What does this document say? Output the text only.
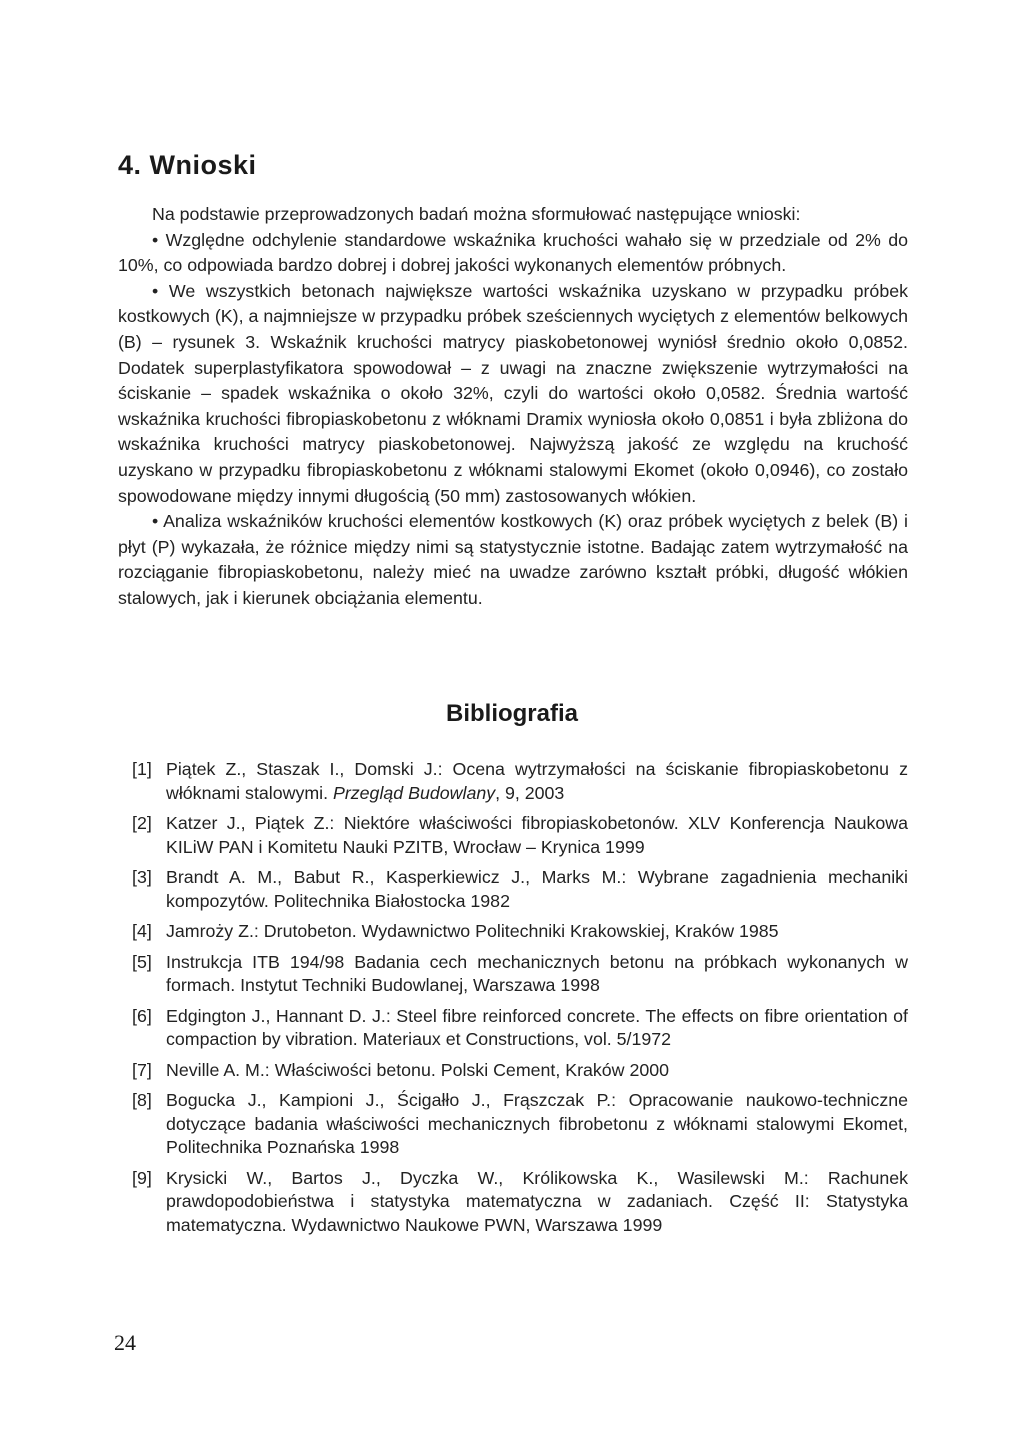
4. Wnioski

Na podstawie przeprowadzonych badań można sformułować następujące wnioski:

• Względne odchylenie standardowe wskaźnika kruchości wahało się w przedziale od 2% do 10%, co odpowiada bardzo dobrej i dobrej jakości wykonanych elementów próbnych.

• We wszystkich betonach największe wartości wskaźnika uzyskano w przypadku próbek kostkowych (K), a najmniejsze w przypadku próbek sześciennych wyciętych z elementów belkowych (B) – rysunek 3. Wskaźnik kruchości matrycy piaskobetonowej wyniósł średnio około 0,0852. Dodatek superplastyfikatora spowodował – z uwagi na znaczne zwiększenie wytrzymałości na ściskanie – spadek wskaźnika o około 32%, czyli do wartości około 0,0582. Średnia wartość wskaźnika kruchości fibropiaskobetonu z włóknami Dramix wyniosła około 0,0851 i była zbliżona do wskaźnika kruchości matrycy piaskobetonowej. Najwyższą jakość ze względu na kruchość uzyskano w przypadku fibropiaskobetonu z włóknami stalowymi Ekomet (około 0,0946), co zostało spowodowane między innymi długością (50 mm) zastosowanych włókien.

• Analiza wskaźników kruchości elementów kostkowych (K) oraz próbek wyciętych z belek (B) i płyt (P) wykazała, że różnice między nimi są statystycznie istotne. Badając zatem wytrzymałość na rozciąganie fibropiaskobetonu, należy mieć na uwadze zarówno kształt próbki, długość włókien stalowych, jak i kierunek obciążania elementu.

Bibliografia
[1] Piątek Z., Staszak I., Domski J.: Ocena wytrzymałości na ściskanie fibropiaskobetonu z włóknami stalowymi. Przegląd Budowlany, 9, 2003
[2] Katzer J., Piątek Z.: Niektóre właściwości fibropiaskobetonów. XLV Konferencja Naukowa KILiW PAN i Komitetu Nauki PZITB, Wrocław – Krynica 1999
[3] Brandt A. M., Babut R., Kasperkiewicz J., Marks M.: Wybrane zagadnienia mechaniki kompozytów. Politechnika Białostocka 1982
[4] Jamroży Z.: Drutobeton. Wydawnictwo Politechniki Krakowskiej, Kraków 1985
[5] Instrukcja ITB 194/98 Badania cech mechanicznych betonu na próbkach wykonanych w formach. Instytut Techniki Budowlanej, Warszawa 1998
[6] Edgington J., Hannant D. J.: Steel fibre reinforced concrete. The effects on fibre orientation of compaction by vibration. Materiaux et Constructions, vol. 5/1972
[7] Neville A. M.: Właściwości betonu. Polski Cement, Kraków 2000
[8] Bogucka J., Kampioni J., Ścigałło J., Frąszczak P.: Opracowanie naukowo-techniczne dotyczące badania właściwości mechanicznych fibrobetonu z włóknami stalowymi Ekomet, Politechnika Poznańska 1998
[9] Krysicki W., Bartos J., Dyczka W., Królikowska K., Wasilewski M.: Rachunek prawdopodobieństwa i statystyka matematyczna w zadaniach. Część II: Statystyka matematyczna. Wydawnictwo Naukowe PWN, Warszawa 1999
24
